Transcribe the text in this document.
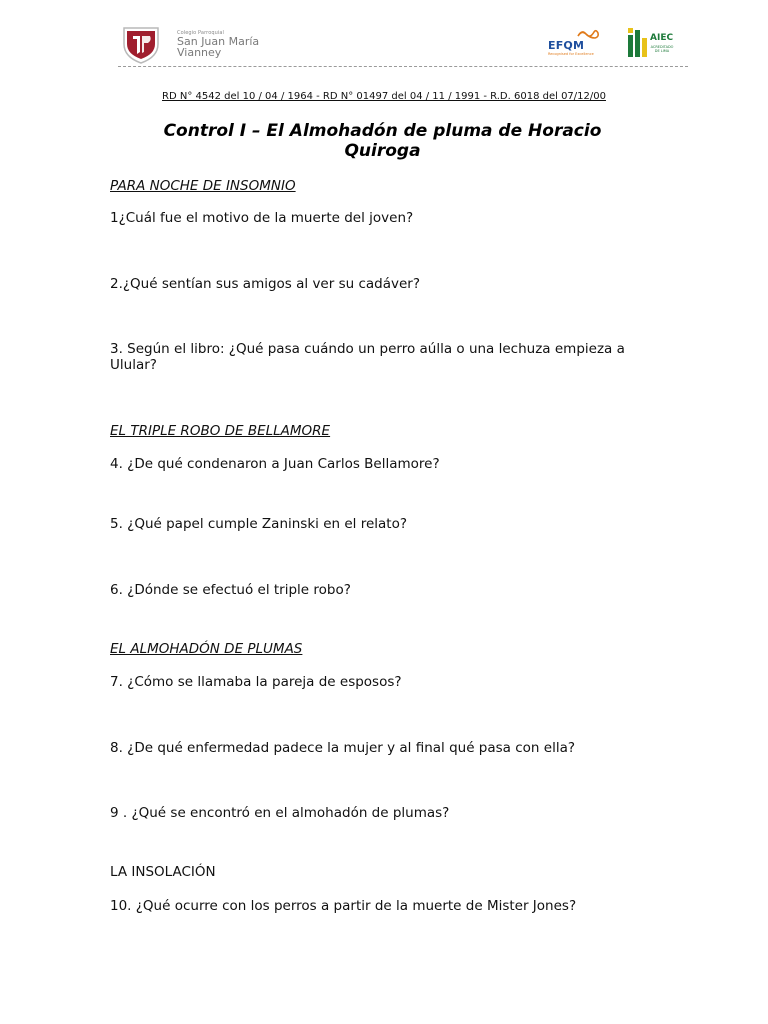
Colegio Parroquial
San Juan María
Vianney
EFQM
Recognised for Excellence
AIEC
ACREDITADO DE LIMA
RD N° 4542 del 10 / 04 / 1964 - RD N° 01497 del 04 / 11 / 1991 - R.D. 6018 del 07/12/00
Control I – El Almohadón de pluma de Horacio
Quiroga
PARA NOCHE DE INSOMNIO
1¿Cuál fue el motivo de la muerte del joven?
2.¿Qué sentían sus amigos al ver su cadáver?
3. Según el libro: ¿Qué pasa cuándo un perro aúlla o una lechuza empieza a Ulular?
EL TRIPLE ROBO DE BELLAMORE
4. ¿De qué condenaron a Juan Carlos Bellamore?
5. ¿Qué papel cumple Zaninski en el relato?
6. ¿Dónde se efectuó el triple robo?
EL ALMOHADÓN DE PLUMAS
7. ¿Cómo se llamaba la pareja de esposos?
8. ¿De qué enfermedad padece la mujer y al final qué pasa con ella?
9 . ¿Qué se encontró en el almohadón de plumas?
LA INSOLACIÓN
10. ¿Qué ocurre con los perros a partir de la muerte de Mister Jones?
